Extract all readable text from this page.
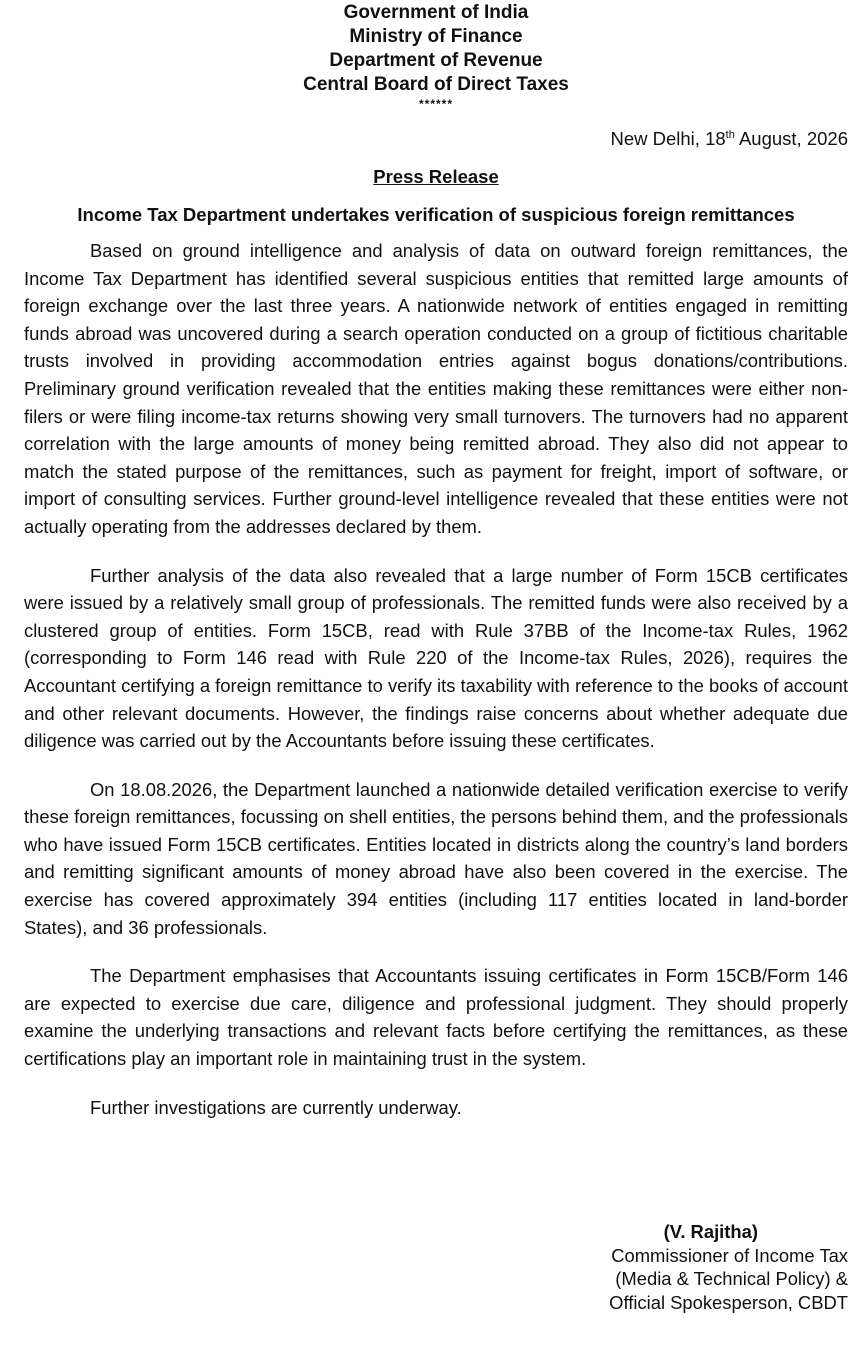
Government of India
Ministry of Finance
Department of Revenue
Central Board of Direct Taxes
******
New Delhi, 18th August, 2026
Press Release
Income Tax Department undertakes verification of suspicious foreign remittances

Based on ground intelligence and analysis of data on outward foreign remittances, the Income Tax Department has identified several suspicious entities that remitted large amounts of foreign exchange over the last three years. A nationwide network of entities engaged in remitting funds abroad was uncovered during a search operation conducted on a group of fictitious charitable trusts involved in providing accommodation entries against bogus donations/contributions. Preliminary ground verification revealed that the entities making these remittances were either non-filers or were filing income-tax returns showing very small turnovers. The turnovers had no apparent correlation with the large amounts of money being remitted abroad. They also did not appear to match the stated purpose of the remittances, such as payment for freight, import of software, or import of consulting services. Further ground-level intelligence revealed that these entities were not actually operating from the addresses declared by them.

Further analysis of the data also revealed that a large number of Form 15CB certificates were issued by a relatively small group of professionals. The remitted funds were also received by a clustered group of entities. Form 15CB, read with Rule 37BB of the Income-tax Rules, 1962 (corresponding to Form 146 read with Rule 220 of the Income-tax Rules, 2026), requires the Accountant certifying a foreign remittance to verify its taxability with reference to the books of account and other relevant documents. However, the findings raise concerns about whether adequate due diligence was carried out by the Accountants before issuing these certificates.

On 18.08.2026, the Department launched a nationwide detailed verification exercise to verify these foreign remittances, focussing on shell entities, the persons behind them, and the professionals who have issued Form 15CB certificates. Entities located in districts along the country’s land borders and remitting significant amounts of money abroad have also been covered in the exercise. The exercise has covered approximately 394 entities (including 117 entities located in land-border States), and 36 professionals.

The Department emphasises that Accountants issuing certificates in Form 15CB/Form 146 are expected to exercise due care, diligence and professional judgment. They should properly examine the underlying transactions and relevant facts before certifying the remittances, as these certifications play an important role in maintaining trust in the system.

Further investigations are currently underway.

(V. Rajitha)
Commissioner of Income Tax
(Media & Technical Policy) &
Official Spokesperson, CBDT
